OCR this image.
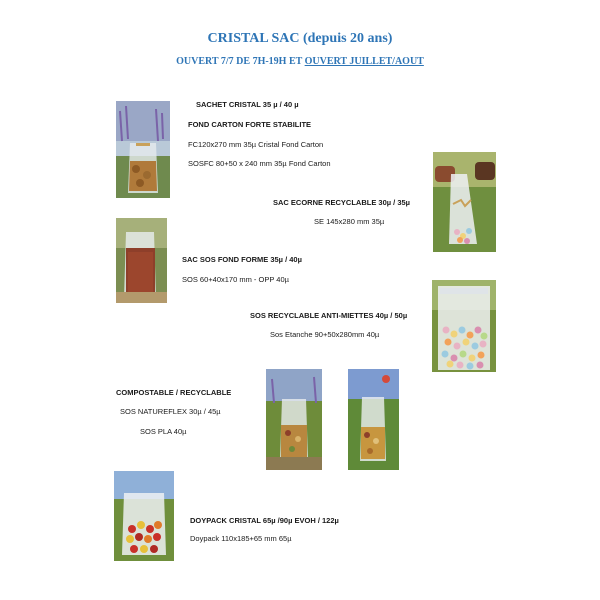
CRISTAL SAC (depuis 20 ans)
OUVERT 7/7 DE 7H-19H ET OUVERT JUILLET/AOUT
SACHET CRISTAL 35 µ / 40 µ
FOND CARTON FORTE STABILITE
FC120x270 mm 35µ Cristal Fond Carton
SOSFC 80+50 x 240 mm 35µ Fond Carton
SAC ECORNE RECYCLABLE 30µ / 35µ
SE 145x280 mm 35µ
SAC SOS FOND FORME 35µ / 40µ
SOS 60+40x170 mm - OPP 40µ
SOS RECYCLABLE ANTI-MIETTES 40µ / 50µ
Sos Etanche 90+50x280mm 40µ
COMPOSTABLE / RECYCLABLE
SOS NATUREFLEX 30µ / 45µ
SOS PLA 40µ
DOYPACK CRISTAL 65µ /90µ EVOH / 122µ
Doypack 110x185+65 mm 65µ
